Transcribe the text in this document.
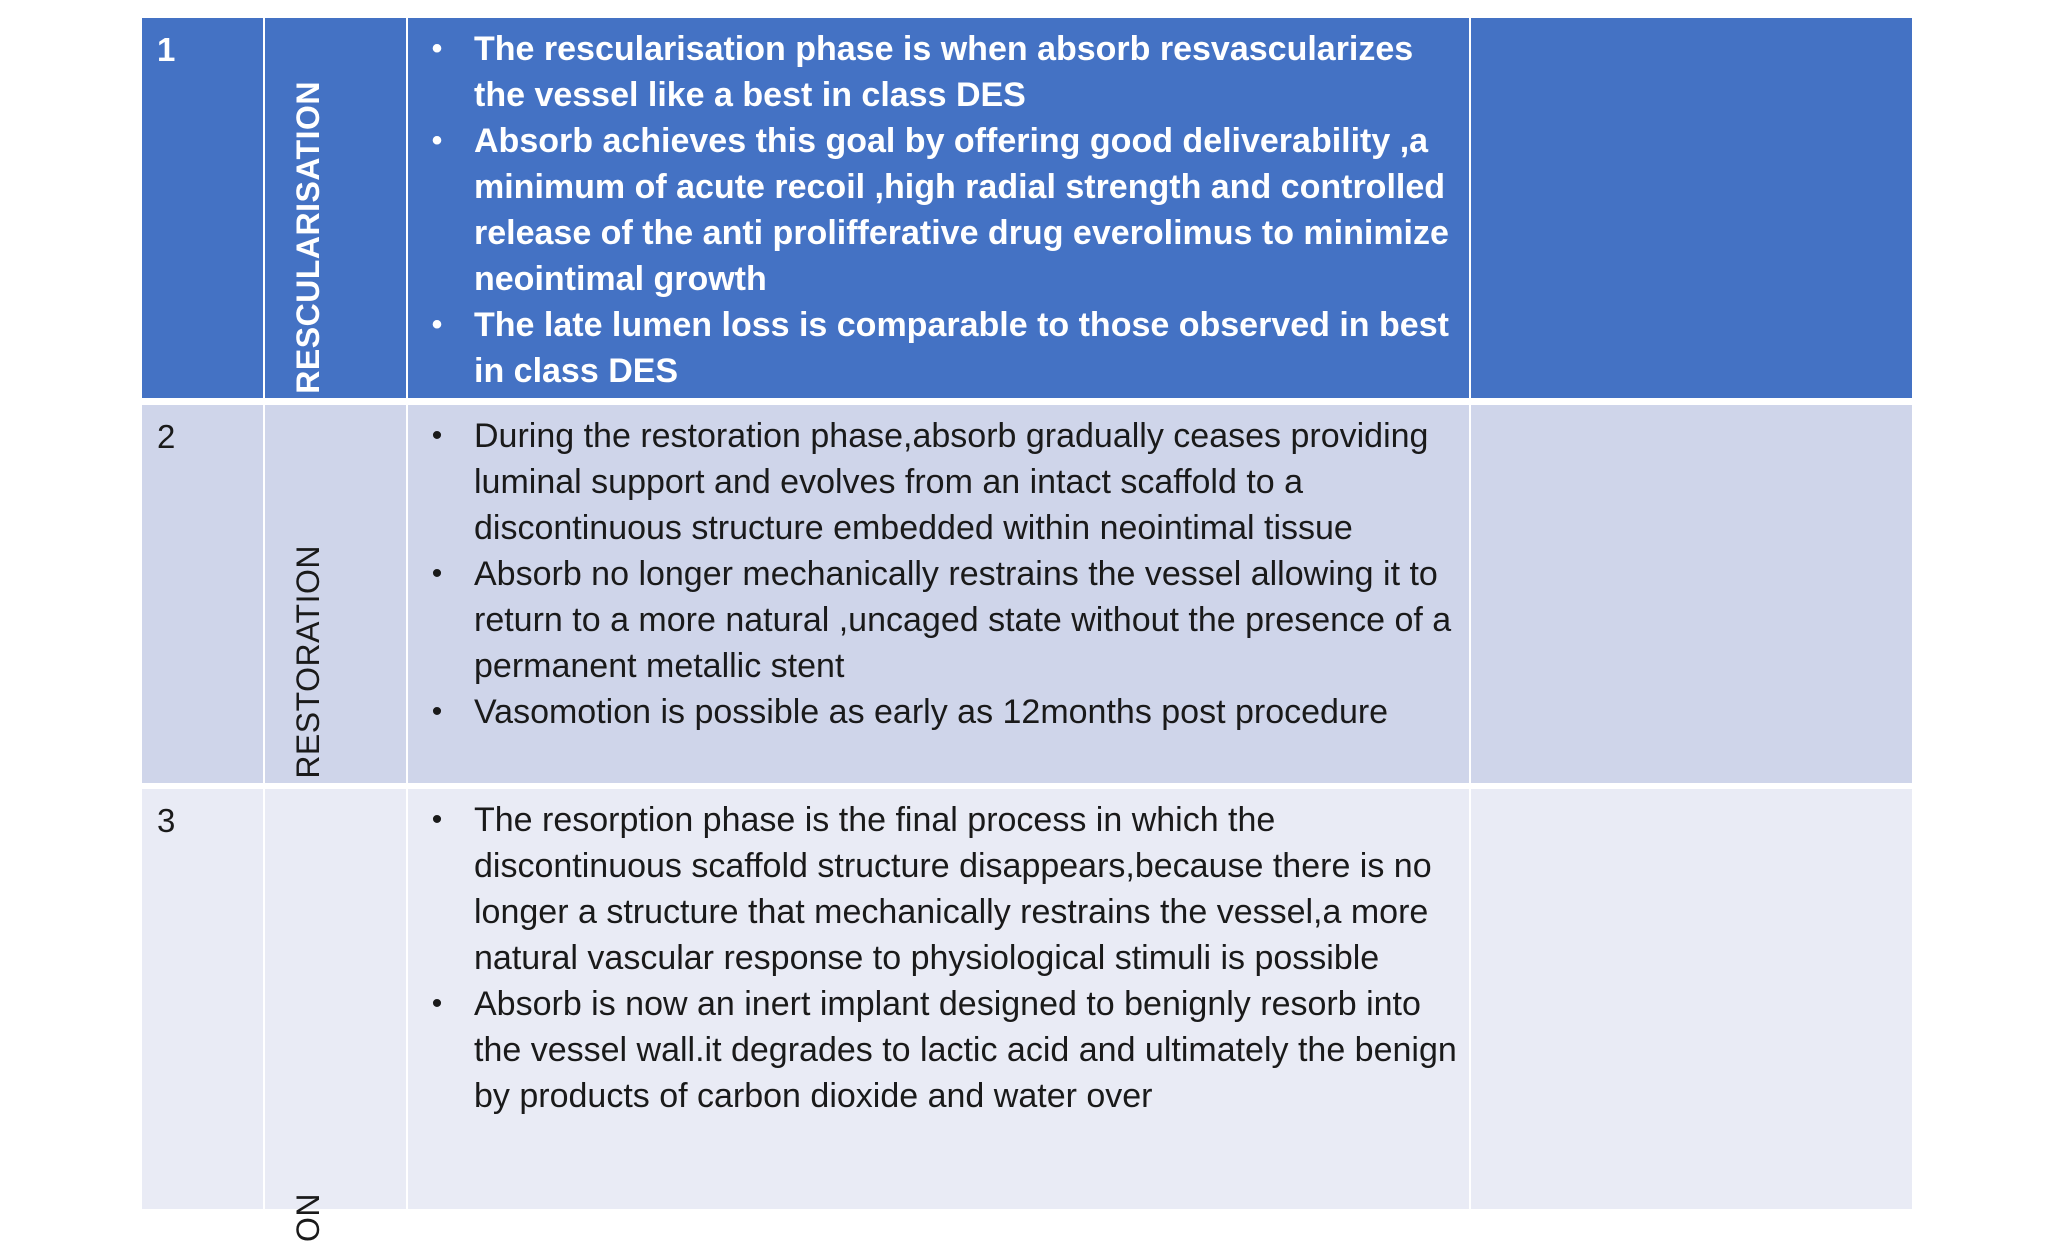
1
RESCULARISATION
• The rescularisation phase is when absorb resvascularizes the vessel like a best in class DES
• Absorb achieves this goal by offering good deliverability ,a minimum of acute recoil ,high radial strength and controlled release of the anti prolifferative drug everolimus to minimize neointimal growth
• The late lumen loss is comparable to those observed in best in class DES
2
RESTORATION
• During the restoration phase,absorb gradually ceases providing luminal support and evolves from an intact scaffold to a discontinuous structure embedded within neointimal tissue
• Absorb no longer mechanically restrains the vessel allowing it to return to a more natural ,uncaged state without the presence of a permanent metallic stent
• Vasomotion is possible as early as 12months post procedure
3
ON
• The resorption phase is the final process in which the discontinuous scaffold structure disappears,because there is no longer a structure that mechanically restrains the vessel,a more natural vascular response to physiological stimuli is possible
• Absorb is now an inert implant designed to benignly resorb into the vessel wall.it degrades to lactic acid and ultimately the benign by products of carbon dioxide and water over
